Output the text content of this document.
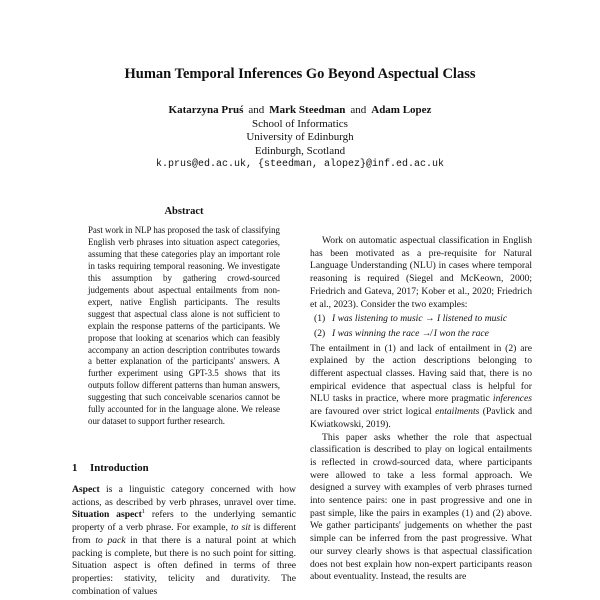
Human Temporal Inferences Go Beyond Aspectual Class
Katarzyna Pruś and Mark Steedman and Adam Lopez
School of Informatics
University of Edinburgh
Edinburgh, Scotland
k.prus@ed.ac.uk, {steedman, alopez}@inf.ed.ac.uk
Abstract
Past work in NLP has proposed the task of classifying English verb phrases into situation aspect categories, assuming that these categories play an important role in tasks requiring temporal reasoning. We investigate this assumption by gathering crowd-sourced judgements about aspectual entailments from non-expert, native English participants. The results suggest that aspectual class alone is not sufficient to explain the response patterns of the participants. We propose that looking at scenarios which can feasibly accompany an action description contributes towards a better explanation of the participants' answers. A further experiment using GPT-3.5 shows that its outputs follow different patterns than human answers, suggesting that such conceivable scenarios cannot be fully accounted for in the language alone. We release our dataset to support further research.
1 Introduction

Aspect is a linguistic category concerned with how actions, as described by verb phrases, unravel over time. Situation aspect$^1$ refers to the underlying semantic property of a verb phrase. For example, to sit is different from to pack in that there is a natural point at which packing is complete, but there is no such point for sitting. Situation aspect is often defined in terms of three properties: stativity, telicity and durativity. The combination of values

Work on automatic aspectual classification in English has been motivated as a pre-requisite for Natural Language Understanding (NLU) in cases where temporal reasoning is required (Siegel and McKeown, 2000; Friedrich and Gateva, 2017; Kober et al., 2020; Friedrich et al., 2023). Consider the two examples:

(1) I was listening to music → I listened to music
(2) I was winning the race ↛ I won the race

The entailment in (1) and lack of entailment in (2) are explained by the action descriptions belonging to different aspectual classes. Having said that, there is no empirical evidence that aspectual class is helpful for NLU tasks in practice, where more pragmatic inferences are favoured over strict logical entailments (Pavlick and Kwiatkowski, 2019).

This paper asks whether the role that aspectual classification is described to play on logical entailments is reflected in crowd-sourced data, where participants were allowed to take a less formal approach. We designed a survey with examples of verb phrases turned into sentence pairs: one in past progressive and one in past simple, like the pairs in examples (1) and (2) above. We gather participants' judgements on whether the past simple can be inferred from the past progressive. What our survey clearly shows is that aspectual classification does not best explain how non-expert participants reason about eventuality. Instead, the results are
